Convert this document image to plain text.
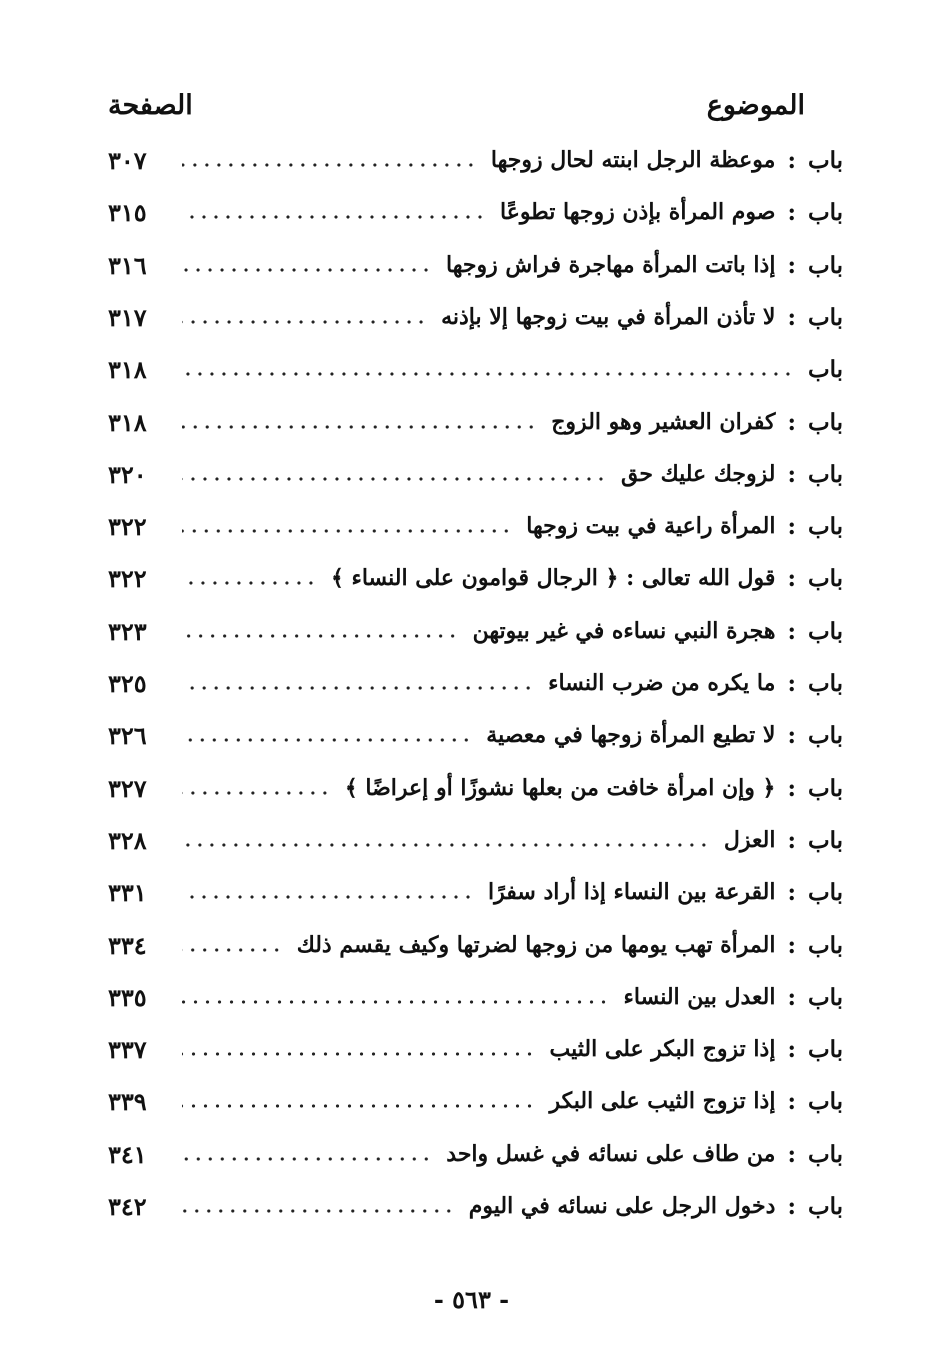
الموضوع
الصفحة
باب
:
موعظة الرجل ابنته لحال زوجها
٣٠٧
باب
:
صوم المرأة بإذن زوجها تطوعًا
٣١٥
باب
:
إذا باتت المرأة مهاجرة فراش زوجها
٣١٦
باب
:
لا تأذن المرأة في بيت زوجها إلا بإذنه
٣١٧
باب
٣١٨
باب
:
كفران العشير وهو الزوج
٣١٨
باب
:
لزوجك عليك حق
٣٢٠
باب
:
المرأة راعية في بيت زوجها
٣٢٢
باب
:
قول الله تعالى : ﴿ الرجال قوامون على النساء ﴾
٣٢٢
باب
:
هجرة النبي نساءه في غير بيوتهن
٣٢٣
باب
:
ما يكره من ضرب النساء
٣٢٥
باب
:
لا تطيع المرأة زوجها في معصية
٣٢٦
باب
:
﴿ وإن امرأة خافت من بعلها نشوزًا أو إعراضًا ﴾
٣٢٧
باب
:
العزل
٣٢٨
باب
:
القرعة بين النساء إذا أراد سفرًا
٣٣١
باب
:
المرأة تهب يومها من زوجها لضرتها وكيف يقسم ذلك
٣٣٤
باب
:
العدل بين النساء
٣٣٥
باب
:
إذا تزوج البكر على الثيب
٣٣٧
باب
:
إذا تزوج الثيب على البكر
٣٣٩
باب
:
من طاف على نسائه في غسل واحد
٣٤١
باب
:
دخول الرجل على نسائه في اليوم
٣٤٢
- ٥٦٣ -
